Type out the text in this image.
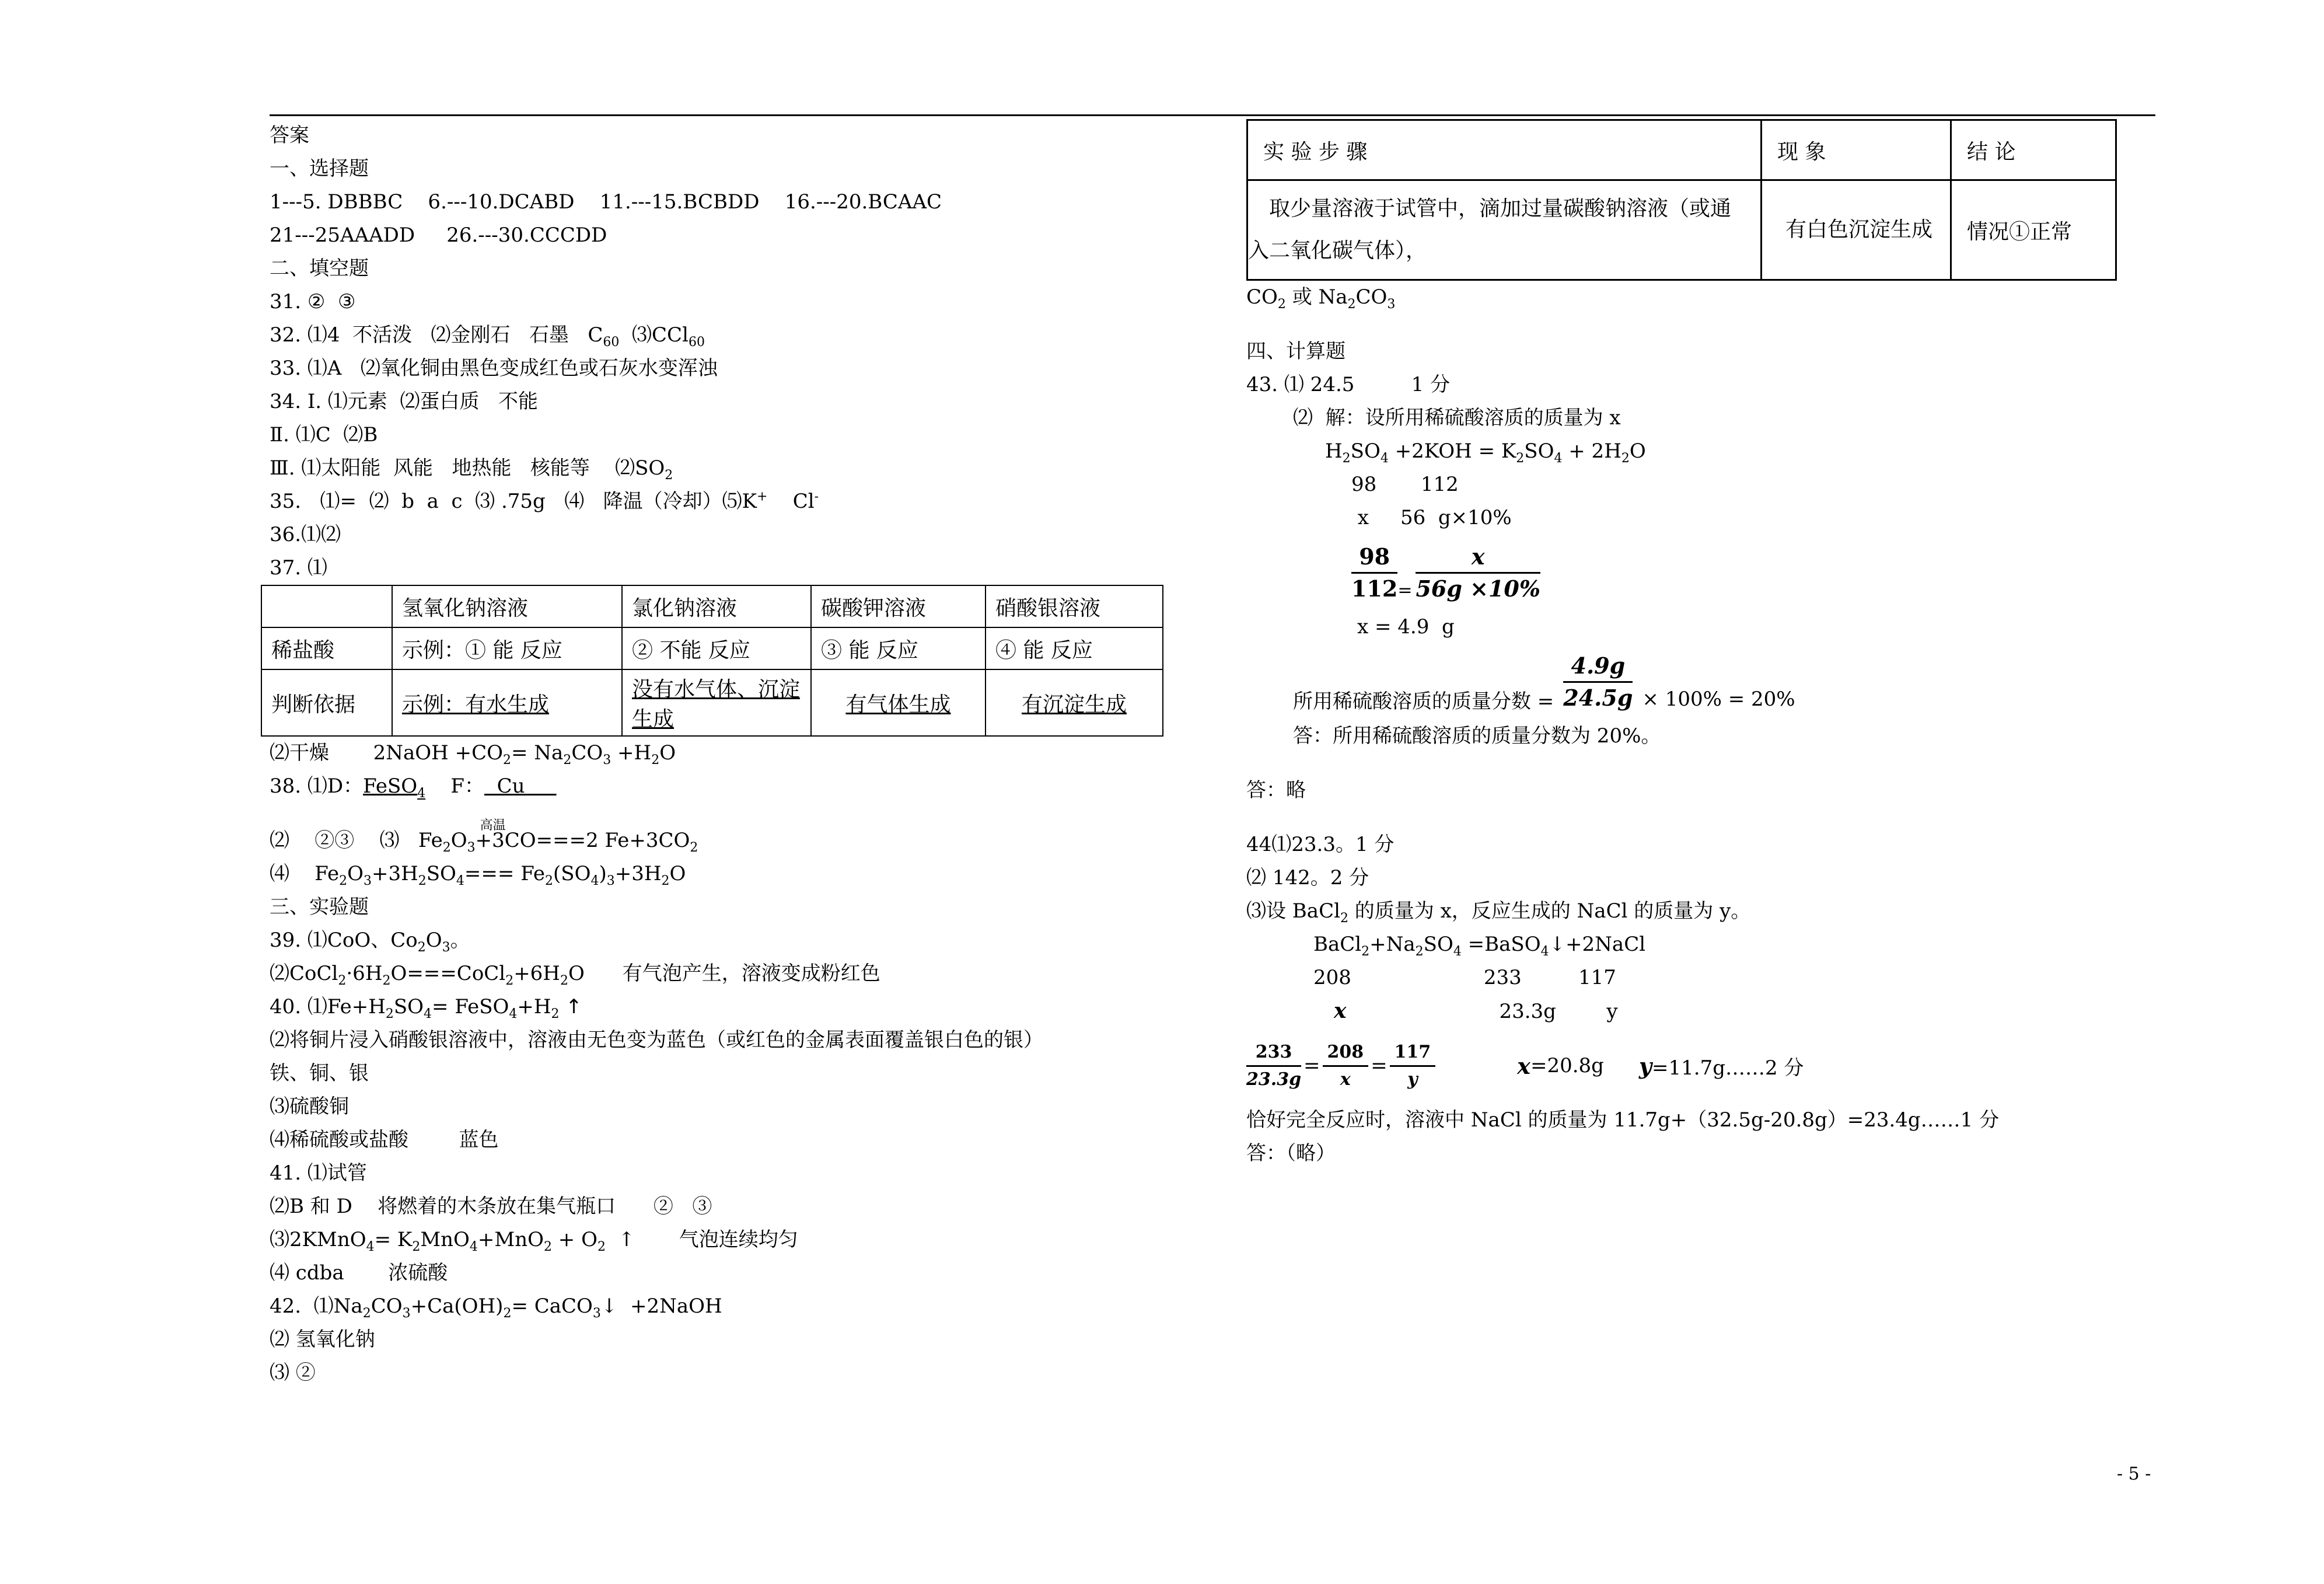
答案
一、选择题
1---5. DBBBC    6.---10.DCABD    11.---15.BCBDD    16.---20.BCAAC
21---25AAADD     26.---30.CCCDD
二、填空题
31. ②  ③
32. ⑴4  不活泼   ⑵金刚石   石墨   $C_{60}$  ⑶CCl$_{60}$
33. ⑴A   ⑵氧化铜由黑色变成红色或石灰水变浑浊
34. Ⅰ. ⑴元素  ⑵蛋白质   不能
Ⅱ. ⑴C  ⑵B
Ⅲ. ⑴太阳能  风能   地热能   核能等    $⑵SO_2$
35.   ⑴=  ⑵  b  a  c  ⑶ .75g   ⑷   降温（冷却）⑸K+    Cl-
36.⑴⑵
37. ⑴
	氢氧化钠溶液	氯化钠溶液	碳酸钾溶液	硝酸银溶液
稀盐酸	示例：① 能 反应	② 不能 反应	③ 能 反应	④ 能 反应
判断依据	示例：有水生成	没有水气体、沉淀生成	有气体生成	有沉淀生成
⑵干燥       2NaOH $+CO_2= Na_2CO_3 +H_2O$
38. ⑴D：FeSO$_4$    F：  Cu
⑵    ②③    ⑶   $Fe_2O_3$
高温
+3CO===2 $Fe+3CO_2$
⑷    $Fe_2O_3+3H_2SO_4=== Fe_2(SO_4)_3+3H_2O$
三、实验题
39. ⑴CoO、$Co_2O_3$。
$⑵CoCl_2\cdot 6H_2O===CoCl_2+6H_2O$      有气泡产生，溶液变成粉红色
40. $⑴Fe+H_2SO_4=$ $FeSO_4+H_2$ ↑
⑵将铜片浸入硝酸银溶液中，溶液由无色变为蓝色（或红色的金属表面覆盖银白色的银）
铁、铜、银
⑶硫酸铜
⑷稀硫酸或盐酸        蓝色
41. ⑴试管
⑵B 和 D    将燃着的木条放在集气瓶口      ②   ③
⑶2KMnO$_4$= $K_2MnO_4+MnO_2 + O_2$  ↑       气泡连续均匀
⑷ cdba       浓硫酸
42.  $⑴Na_2CO_3+Ca(OH)_2=$ CaCO$_3$↓  +2NaOH
⑵ 氢氧化钠
⑶ ②
实 验 步 骤	现 象	结 论
取少量溶液于试管中，滴加过量碳酸钠溶液（或通入二氧化碳气体），	有白色沉淀生成	情况①正常
$CO_2$ 或 $Na_2CO_3$
四、计算题
43. ⑴ 24.5         1 分
⑵  解：设所用稀硫酸溶质的质量为 x
$H_2SO_4 +2KOH = K_2SO_4 + 2H_2O$
98       112
x     56  g×10%
$\frac{98}{112} = \frac{x}{56g \times 10\%}$
x = 4.9  g
所用稀硫酸溶质的质量分数 = $\frac{4.9g}{24.5g} \times 100\% = 20\%$
答：所用稀硫酸溶质的质量分数为 20%。
答：略
44⑴23.3。1 分
⑵ 142。2 分
⑶设 BaCl$_2$ 的质量为 x，反应生成的 NaCl 的质量为 y。
$BaCl_2+Na_2SO_4$ =BaSO$_4$↓+2NaCl
208                     233         117
x	23.3g        y
$\frac{233}{23.3g} = \frac{208}{x} = \frac{117}{y}$	x =20.8g y =11.7g……2 分
恰好完全反应时，溶液中 NaCl 的质量为 11.7g+（32.5g-20.8g）=23.4g……1 分
答：（略）
- 5 -
